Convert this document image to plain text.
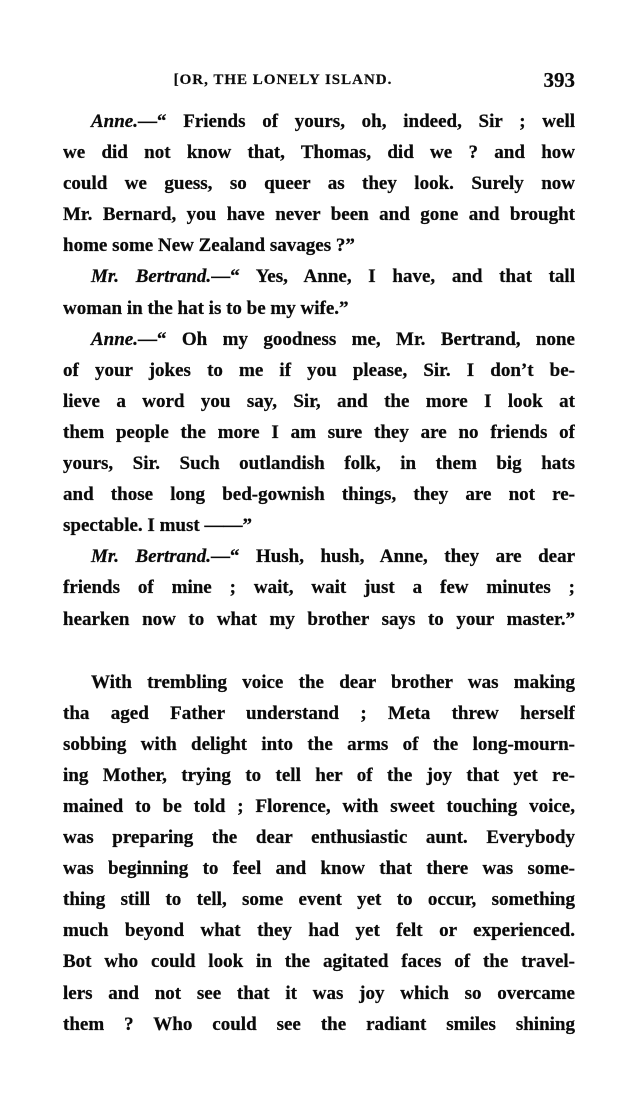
[OR, THE LONELY ISLAND.	393
Anne.—“ Friends of yours, oh, indeed, Sir ; well
we did not know that, Thomas, did we ? and how
could we guess, so queer as they look. Surely now
Mr. Bernard, you have never been and gone and brought
home some New Zealand savages ?”
Mr. Bertrand.—“ Yes, Anne, I have, and that tall
woman in the hat is to be my wife.”
Anne.—“ Oh my goodness me, Mr. Bertrand, none
of your jokes to me if you please, Sir. I don’t be-
lieve a word you say, Sir, and the more I look at
them people the more I am sure they are no friends of
yours, Sir. Such outlandish folk, in them big hats
and those long bed-gownish things, they are not re-
spectable. I must ——”
Mr. Bertrand.—“ Hush, hush, Anne, they are dear
friends of mine ; wait, wait just a few minutes ;
hearken now to what my brother says to your master.”
With trembling voice the dear brother was making
tha aged Father understand ; Meta threw herself
sobbing with delight into the arms of the long-mourn-
ing Mother, trying to tell her of the joy that yet re-
mained to be told ; Florence, with sweet touching voice,
was preparing the dear enthusiastic aunt. Everybody
was beginning to feel and know that there was some-
thing still to tell, some event yet to occur, something
much beyond what they had yet felt or experienced.
Bot who could look in the agitated faces of the travel-
lers and not see that it was joy which so overcame
them ? Who could see the radiant smiles shining
